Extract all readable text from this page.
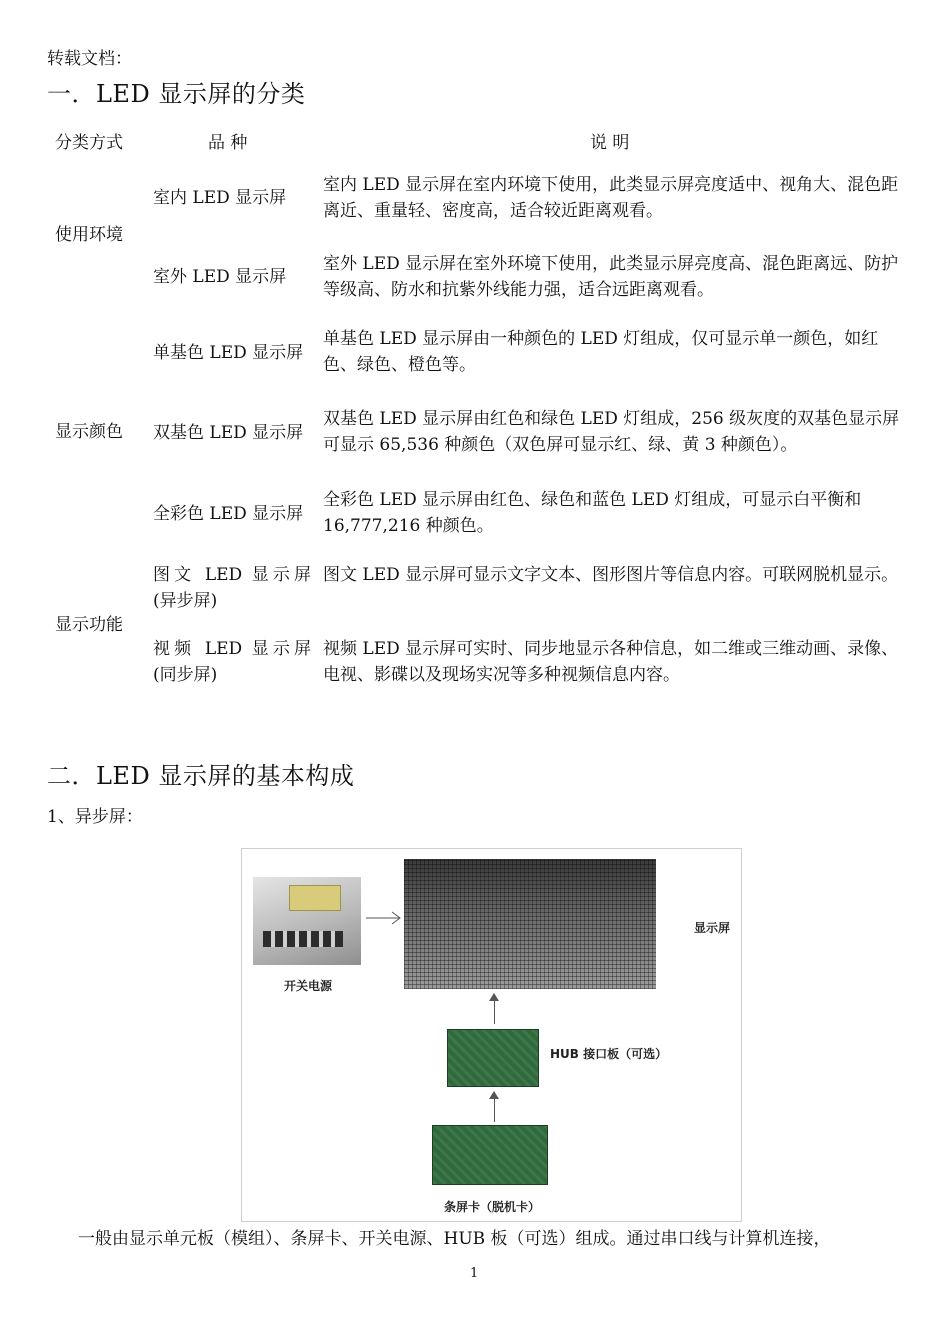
转载文档：
一．LED 显示屏的分类
分类方式	品 种	说 明
使用环境
显示颜色
显示功能
室内 LED 显示屏
室内 LED 显示屏在室内环境下使用，此类显示屏亮度适中、视角大、混色距离近、重量轻、密度高，适合较近距离观看。
室外 LED 显示屏
室外 LED 显示屏在室外环境下使用，此类显示屏亮度高、混色距离远、防护等级高、防水和抗紫外线能力强，适合远距离观看。
单基色 LED 显示屏
单基色 LED 显示屏由一种颜色的 LED 灯组成，仅可显示单一颜色，如红色、绿色、橙色等。
双基色 LED 显示屏
双基色 LED 显示屏由红色和绿色 LED 灯组成，256 级灰度的双基色显示屏可显示 65,536 种颜色（双色屏可显示红、绿、黄 3 种颜色）。
全彩色 LED 显示屏
全彩色 LED 显示屏由红色、绿色和蓝色 LED 灯组成，可显示白平衡和 16,777,216 种颜色。
图文 LED 显示屏 (异步屏)
图文 LED 显示屏可显示文字文本、图形图片等信息内容。可联网脱机显示。
视频 LED 显示屏 (同步屏)
视频 LED 显示屏可实时、同步地显示各种信息，如二维或三维动画、录像、电视、影碟以及现场实况等多种视频信息内容。
二．LED 显示屏的基本构成
1、异步屏：
开关电源
显示屏
HUB 接口板（可选）
条屏卡（脱机卡）
一般由显示单元板（模组）、条屏卡、开关电源、HUB 板（可选）组成。通过串口线与计算机连接，
1
